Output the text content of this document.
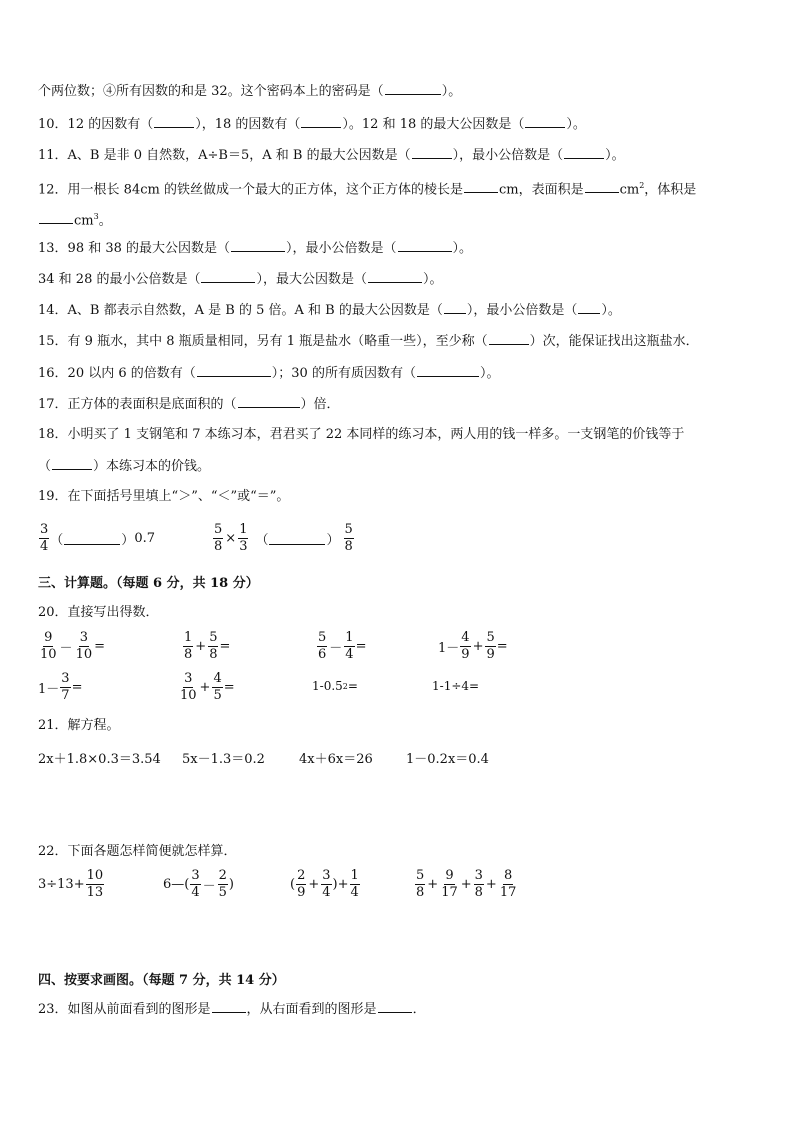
个两位数；④所有因数的和是 32。这个密码本上的密码是（	）。
10．12 的因数有（	），18 的因数有（	）。12 和 18 的最大公因数是（	）。
11．A、B 是非 0 自然数，A÷B＝5，A 和 B 的最大公因数是（	），最小公倍数是（	）。
12．用一根长 84cm 的铁丝做成一个最大的正方体，这个正方体的棱长是	cm，表面积是	$cm^2$，体积是
$cm^3$。
13．98 和 38 的最大公因数是（	），最小公倍数是（	）。
34 和 28 的最小公倍数是（	），最大公因数是（	）。
14．A、B 都表示自然数，A 是 B 的 5 倍。A 和 B 的最大公因数是（ ），最小公倍数是（ ）。
15．有 9 瓶水，其中 8 瓶质量相同，另有 1 瓶是盐水（略重一些），至少称（	）次，能保证找出这瓶盐水．
16．20 以内 6 的倍数有（	）；30 的所有质因数有（	）。
17．正方体的表面积是底面积的（	）倍．
18．小明买了 1 支钢笔和 7 本练习本，君君买了 22 本同样的练习本，两人用的钱一样多。一支钢笔的价钱等于
（	）本练习本的价钱。
19．在下面括号里填上“＞”、“＜”或“＝”。
$\frac{3}{4}$ （	） 0.7	$\frac{5}{8} \times \frac{1}{3}$ （	） $\frac{5}{8}$
三、计算题。（每题 6 分，共 18 分）
20．直接写出得数．
$\frac{9}{10} - \frac{3}{10}$ =	$\frac{1}{8} + \frac{5}{8}$ =	$\frac{5}{6} - \frac{1}{4}$ =	$1- \frac{4}{9} + \frac{5}{9}$ =
$1- \frac{3}{7}$ =	$\frac{3}{10} + \frac{4}{5}$ =	1-0.5 2 =	1-1÷4=
21．解方程。
2x＋1.8×0.3＝3.54 5x－1.3＝0.2	4x＋6x＝26	1－0.2x＝0.4
22．下面各题怎样简便就怎样算．
$3\div 13+ \frac{10}{13}$	6—( $\frac{3}{4} - \frac{2}{5}$ )	( $\frac{2}{9} + \frac{3}{4}$ )+ $\frac{1}{4}$	$\frac{5}{8} + \frac{9}{17} + \frac{3}{8} + \frac{8}{17}$
四、按要求画图。（每题 7 分，共 14 分）
23．如图从前面看到的图形是	，从右面看到的图形是	．
